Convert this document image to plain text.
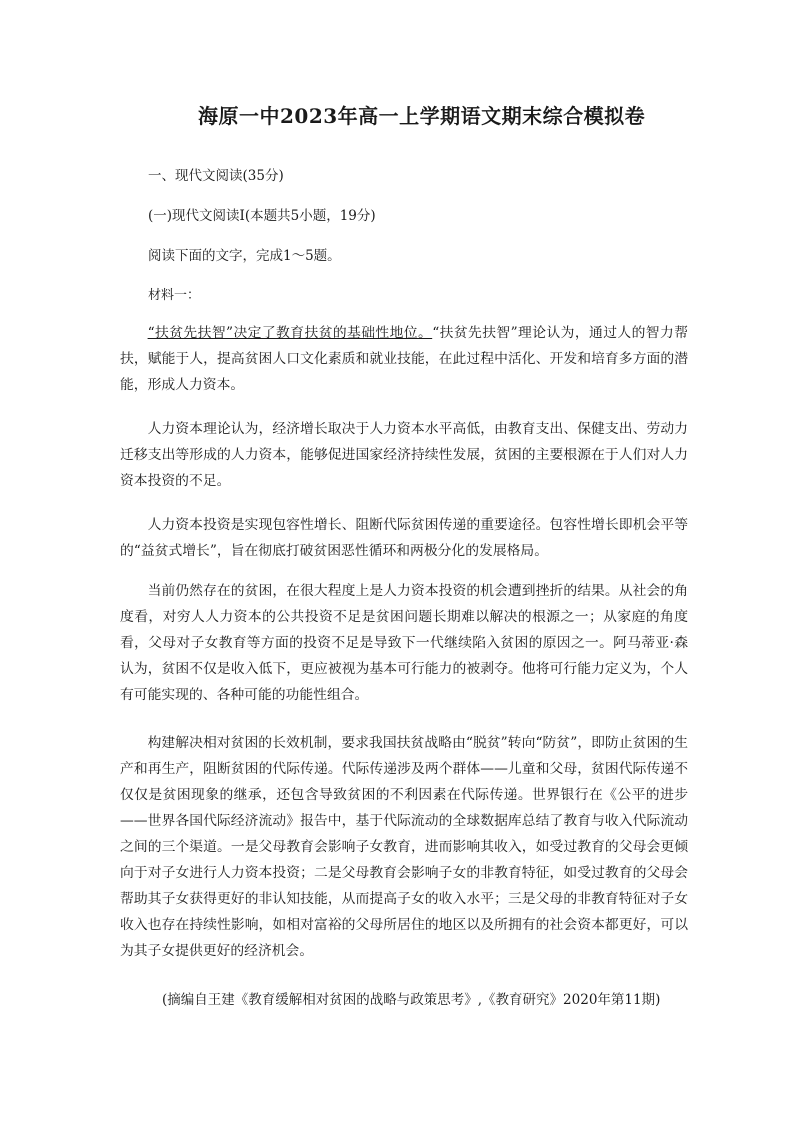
海原一中2023年高一上学期语文期末综合模拟卷
一、现代文阅读(35分)
(一)现代文阅读Ⅰ(本题共5小题，19分)
阅读下面的文字，完成1～5题。
材料一：

“扶贫先扶智”决定了教育扶贫的基础性地位。“扶贫先扶智”理论认为，通过人的智力帮扶，赋能于人，提高贫困人口文化素质和就业技能，在此过程中活化、开发和培育多方面的潜能，形成人力资本。

人力资本理论认为，经济增长取决于人力资本水平高低，由教育支出、保健支出、劳动力迁移支出等形成的人力资本，能够促进国家经济持续性发展，贫困的主要根源在于人们对人力资本投资的不足。

人力资本投资是实现包容性增长、阻断代际贫困传递的重要途径。包容性增长即机会平等的“益贫式增长”，旨在彻底打破贫困恶性循环和两极分化的发展格局。

当前仍然存在的贫困，在很大程度上是人力资本投资的机会遭到挫折的结果。从社会的角度看，对穷人人力资本的公共投资不足是贫困问题长期难以解决的根源之一；从家庭的角度看，父母对子女教育等方面的投资不足是导致下一代继续陷入贫困的原因之一。阿马蒂亚·森认为，贫困不仅是收入低下，更应被视为基本可行能力的被剥夺。他将可行能力定义为，个人有可能实现的、各种可能的功能性组合。

构建解决相对贫困的长效机制，要求我国扶贫战略由“脱贫”转向“防贫”，即防止贫困的生产和再生产，阻断贫困的代际传递。代际传递涉及两个群体——儿童和父母，贫困代际传递不仅仅是贫困现象的继承，还包含导致贫困的不利因素在代际传递。世界银行在《公平的进步——世界各国代际经济流动》报告中，基于代际流动的全球数据库总结了教育与收入代际流动之间的三个渠道。一是父母教育会影响子女教育，进而影响其收入，如受过教育的父母会更倾向于对子女进行人力资本投资；二是父母教育会影响子女的非教育特征，如受过教育的父母会帮助其子女获得更好的非认知技能，从而提高子女的收入水平；三是父母的非教育特征对子女收入也存在持续性影响，如相对富裕的父母所居住的地区以及所拥有的社会资本都更好，可以为其子女提供更好的经济机会。

(摘编自王建《教育缓解相对贫困的战略与政策思考》,《教育研究》2020年第11期)
